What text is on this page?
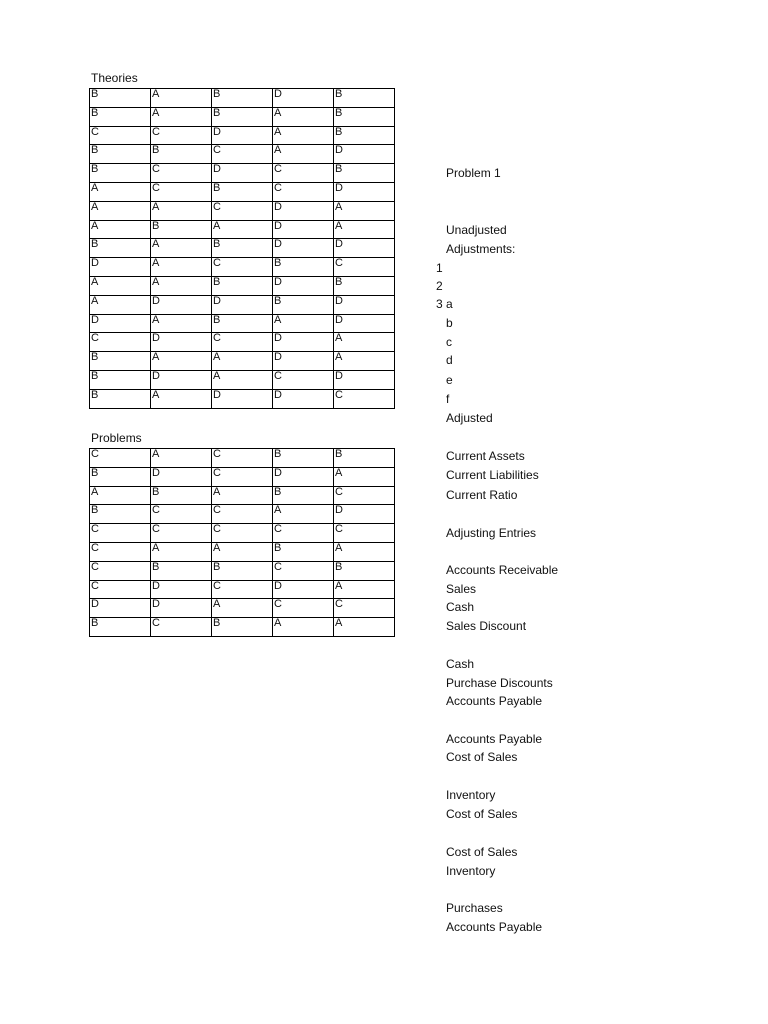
Theories
B	A	B	D	B
B	A	B	A	B
C	C	D	A	B
B	B	C	A	D
B	C	D	C	B
A	C	B	C	D
A	A	C	D	A
A	B	A	D	A
B	A	B	D	D
D	A	C	B	C
A	A	B	D	B
A	D	D	B	D
D	A	B	A	D
C	D	C	D	A
B	A	A	D	A
B	D	A	C	D
B	A	D	D	C
Problems
C	A	C	B	B
B	D	C	D	A
A	B	A	B	C
B	C	C	A	D
C	C	C	C	C
C	A	A	B	A
C	B	B	C	B
C	D	C	D	A
D	D	A	C	C
B	C	B	A	A
Problem 1
Unadjusted
Adjustments:
1
2
3 a
b
c
d
e
f
Adjusted
Current Assets
Current Liabilities
Current Ratio
Adjusting Entries
Accounts Receivable
Sales
Cash
Sales Discount
Cash
Purchase Discounts
Accounts Payable
Accounts Payable
Cost of Sales
Inventory
Cost of Sales
Cost of Sales
Inventory
Purchases
Accounts Payable
